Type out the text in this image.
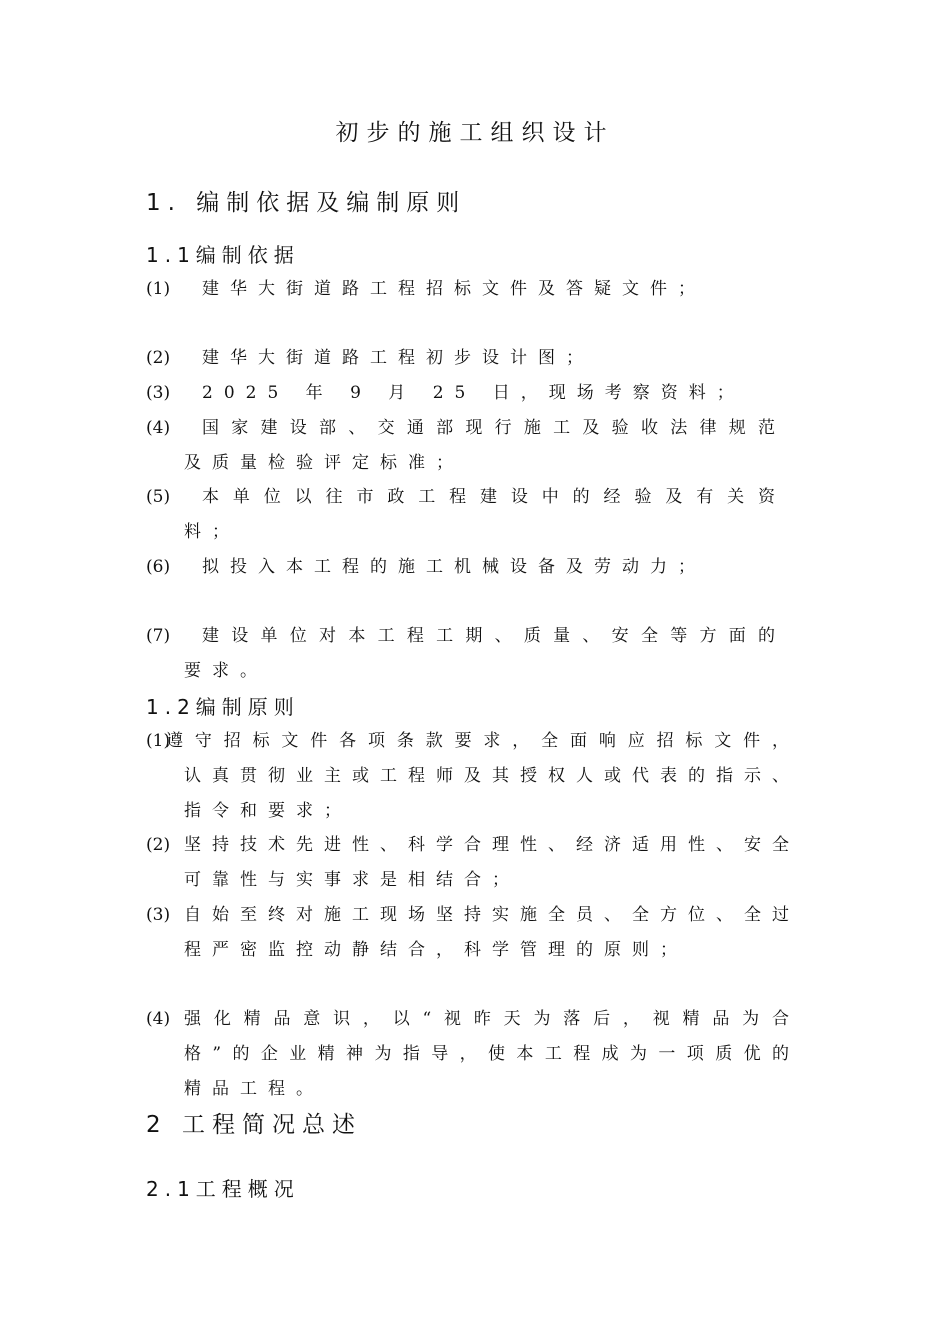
初步的施工组织设计
1. 编制依据及编制原则
1.1编制依据
(1)	建华大街道路工程招标文件及答疑文件；
(2)	建华大街道路工程初步设计图；
(3)	2025 年 9 月 25 日，现场考察资料；
(4)	国家建设部、交通部现行施工及验收法律规范及质量检验评定标准；
(5)	本单位以往市政工程建设中的经验及有关资料；
(6)	拟投入本工程的施工机械设备及劳动力；
(7)	建设单位对本工程工期、质量、安全等方面的要求。
1.2编制原则
(1)
遵守招标文件各项条款要求，全面响应招标文件，认真贯彻业主或工程师及其授权人或代表的指示、指令和要求；
(2) 坚持技术先进性、科学合理性、经济适用性、安全可靠性与实事求是相结合；
(3) 自始至终对施工现场坚持实施全员、全方位、全过程严密监控动静结合，科学管理的原则；
(4) 强化精品意识，以“视昨天为落后，视精品为合格”的企业精神为指导，使本工程成为一项质优的精品工程。
2 工程简况总述
2.1工程概况
